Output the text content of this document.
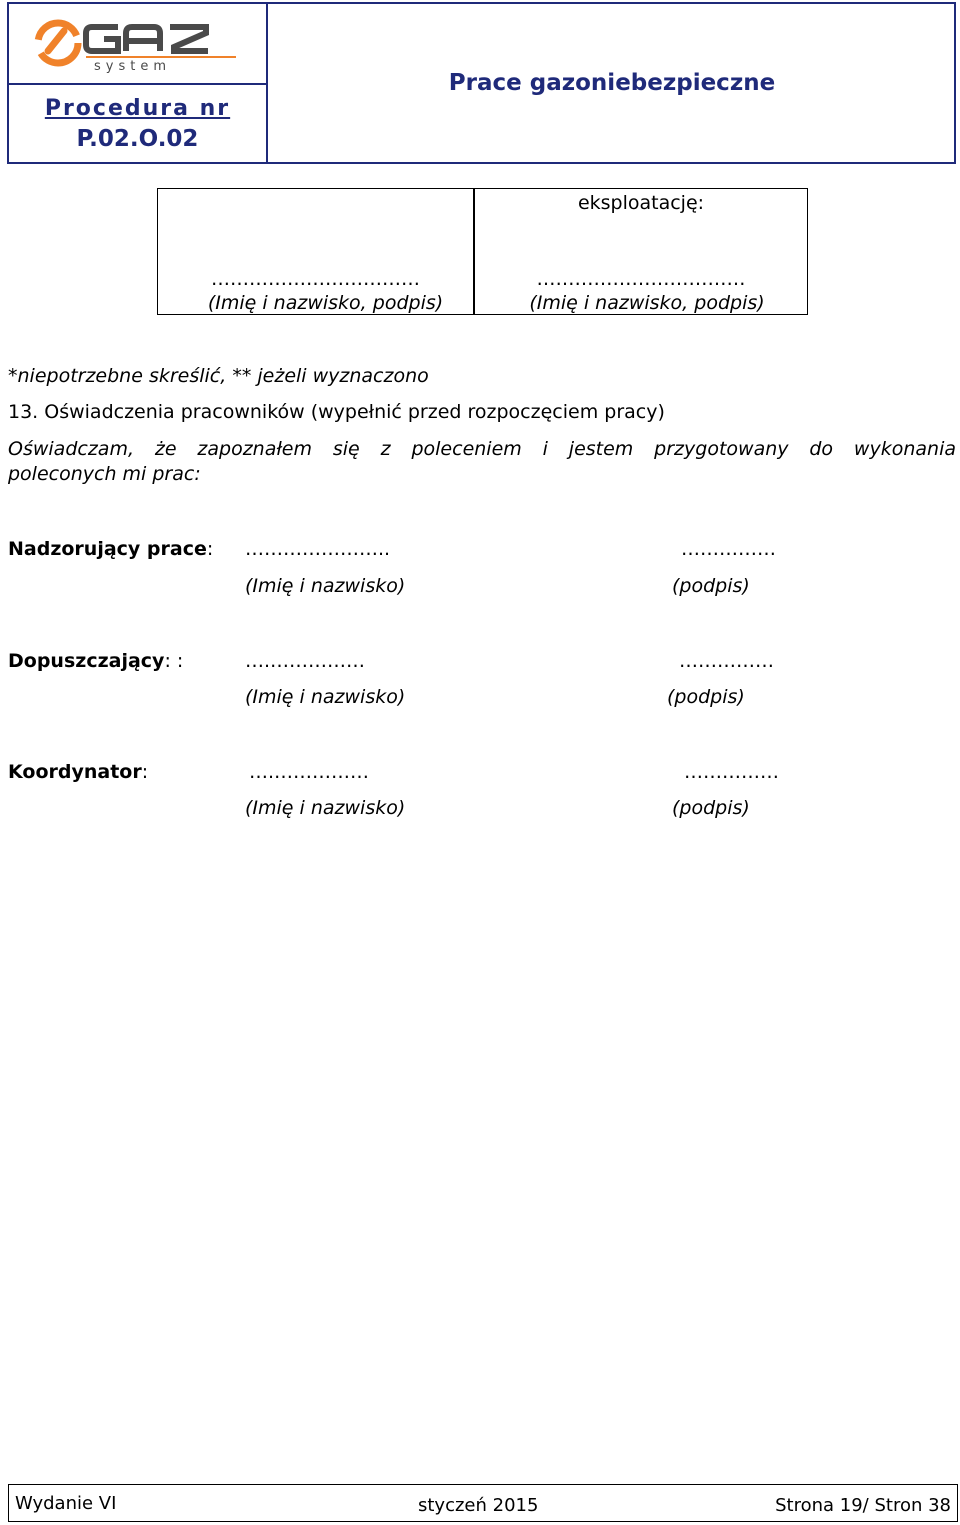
system
Procedura nr
P.02.O.02
Prace gazoniebezpieczne
eksploatację:
……………………………
(Imię i nazwisko, podpis)
……………………………
(Imię i nazwisko, podpis)
*niepotrzebne skreślić, ** jeżeli wyznaczono
13. Oświadczenia pracowników (wypełnić przed rozpoczęciem pracy)
Oświadczam, że zapoznałem się z poleceniem i jestem przygotowany do wykonania
poleconych mi prac:
Nadzorujący prace: …………………..	……………
(Imię i nazwisko)	(podpis)
Dopuszczający: :	….……………	……………
(Imię i nazwisko)	(podpis)
Koordynator:	….……………	……………
(Imię i nazwisko)	(podpis)
Wydanie VI	styczeń 2015	Strona 19/ Stron 38
